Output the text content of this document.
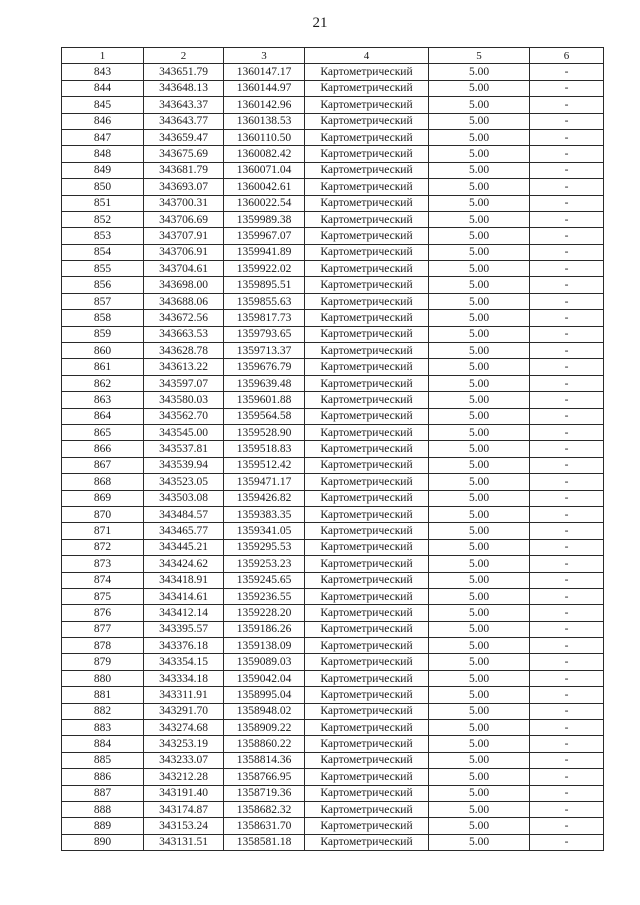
21
1	2	3	4	5	6
843	343651.79	1360147.17	Картометрический	5.00	-
844	343648.13	1360144.97	Картометрический	5.00	-
845	343643.37	1360142.96	Картометрический	5.00	-
846	343643.77	1360138.53	Картометрический	5.00	-
847	343659.47	1360110.50	Картометрический	5.00	-
848	343675.69	1360082.42	Картометрический	5.00	-
849	343681.79	1360071.04	Картометрический	5.00	-
850	343693.07	1360042.61	Картометрический	5.00	-
851	343700.31	1360022.54	Картометрический	5.00	-
852	343706.69	1359989.38	Картометрический	5.00	-
853	343707.91	1359967.07	Картометрический	5.00	-
854	343706.91	1359941.89	Картометрический	5.00	-
855	343704.61	1359922.02	Картометрический	5.00	-
856	343698.00	1359895.51	Картометрический	5.00	-
857	343688.06	1359855.63	Картометрический	5.00	-
858	343672.56	1359817.73	Картометрический	5.00	-
859	343663.53	1359793.65	Картометрический	5.00	-
860	343628.78	1359713.37	Картометрический	5.00	-
861	343613.22	1359676.79	Картометрический	5.00	-
862	343597.07	1359639.48	Картометрический	5.00	-
863	343580.03	1359601.88	Картометрический	5.00	-
864	343562.70	1359564.58	Картометрический	5.00	-
865	343545.00	1359528.90	Картометрический	5.00	-
866	343537.81	1359518.83	Картометрический	5.00	-
867	343539.94	1359512.42	Картометрический	5.00	-
868	343523.05	1359471.17	Картометрический	5.00	-
869	343503.08	1359426.82	Картометрический	5.00	-
870	343484.57	1359383.35	Картометрический	5.00	-
871	343465.77	1359341.05	Картометрический	5.00	-
872	343445.21	1359295.53	Картометрический	5.00	-
873	343424.62	1359253.23	Картометрический	5.00	-
874	343418.91	1359245.65	Картометрический	5.00	-
875	343414.61	1359236.55	Картометрический	5.00	-
876	343412.14	1359228.20	Картометрический	5.00	-
877	343395.57	1359186.26	Картометрический	5.00	-
878	343376.18	1359138.09	Картометрический	5.00	-
879	343354.15	1359089.03	Картометрический	5.00	-
880	343334.18	1359042.04	Картометрический	5.00	-
881	343311.91	1358995.04	Картометрический	5.00	-
882	343291.70	1358948.02	Картометрический	5.00	-
883	343274.68	1358909.22	Картометрический	5.00	-
884	343253.19	1358860.22	Картометрический	5.00	-
885	343233.07	1358814.36	Картометрический	5.00	-
886	343212.28	1358766.95	Картометрический	5.00	-
887	343191.40	1358719.36	Картометрический	5.00	-
888	343174.87	1358682.32	Картометрический	5.00	-
889	343153.24	1358631.70	Картометрический	5.00	-
890	343131.51	1358581.18	Картометрический	5.00	-
